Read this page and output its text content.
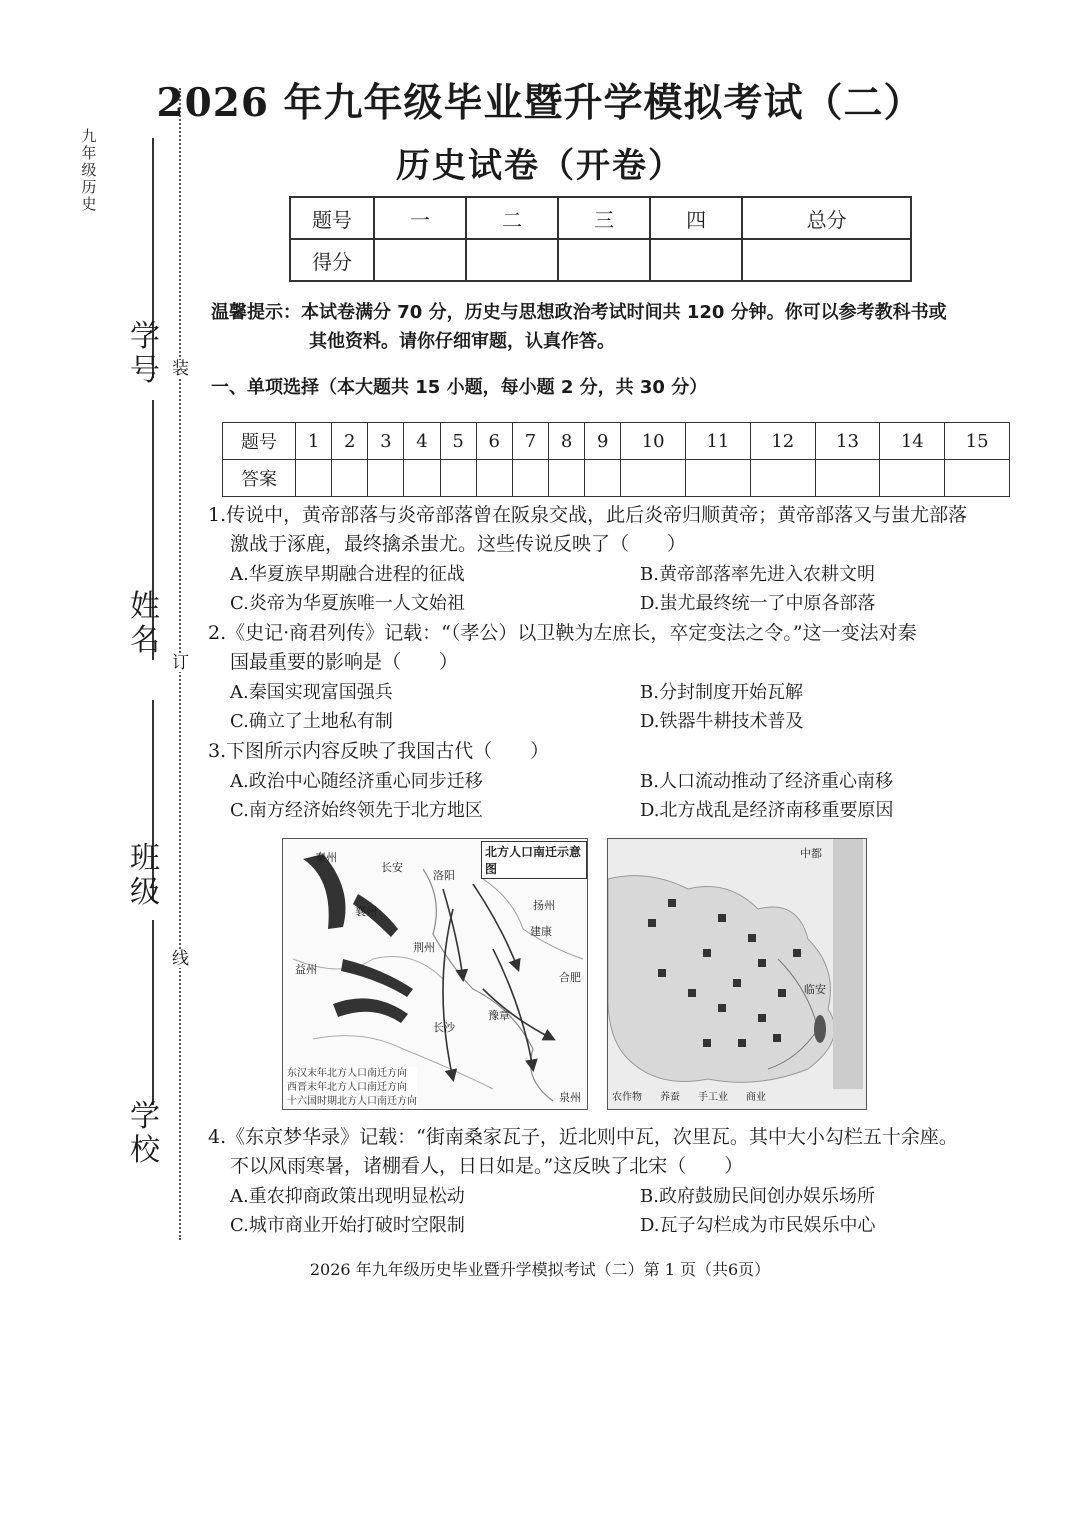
九年级历史
学号
姓名
班级
学校
装
订
线
2026 年九年级毕业暨升学模拟考试（二）
历史试卷（开卷）
题号	一	二	三	四	总分
得分					
温馨提示：本试卷满分 70 分，历史与思想政治考试时间共 120 分钟。你可以参考教科书或
其他资料。请你仔细审题，认真作答。
一、单项选择（本大题共 15 小题，每小题 2 分，共 30 分）
题号	1	2	3	4	5	6	7	8	9	10	11	12	13	14	15
答案															
1.传说中，黄帝部落与炎帝部落曾在阪泉交战，此后炎帝归顺黄帝；黄帝部落又与蚩尤部落
激战于涿鹿，最终擒杀蚩尤。这些传说反映了（　　）
A.华夏族早期融合进程的征战	B.黄帝部落率先进入农耕文明
C.炎帝为华夏族唯一人文始祖	D.蚩尤最终统一了中原各部落
2.《史记·商君列传》记载：“（孝公）以卫鞅为左庶长，卒定变法之令。”这一变法对秦
国最重要的影响是（　　）
A.秦国实现富国强兵	B.分封制度开始瓦解
C.确立了土地私有制	D.铁器牛耕技术普及
3.下图所示内容反映了我国古代（　　）
A.政治中心随经济重心同步迁移	B.人口流动推动了经济重心南移
C.南方经济始终领先于北方地区	D.北方战乱是经济南移重要原因
北方人口南迁示意图
秦州
长安
洛阳
襄州	扬州
荆州
建康
益州
合肥
长沙
豫章
泉州
东汉末年北方人口南迁方向
西晋末年北方人口南迁方向
十六国时期北方人口南迁方向
中都
临安
农作物 养蚕 手工业 商业
4.《东京梦华录》记载：“街南桑家瓦子，近北则中瓦，次里瓦。其中大小勾栏五十余座。
不以风雨寒暑，诸棚看人，日日如是。”这反映了北宋（　　）
A.重农抑商政策出现明显松动	B.政府鼓励民间创办娱乐场所
C.城市商业开始打破时空限制	D.瓦子勾栏成为市民娱乐中心
2026 年九年级历史毕业暨升学模拟考试（二）第 1 页（共6页）
